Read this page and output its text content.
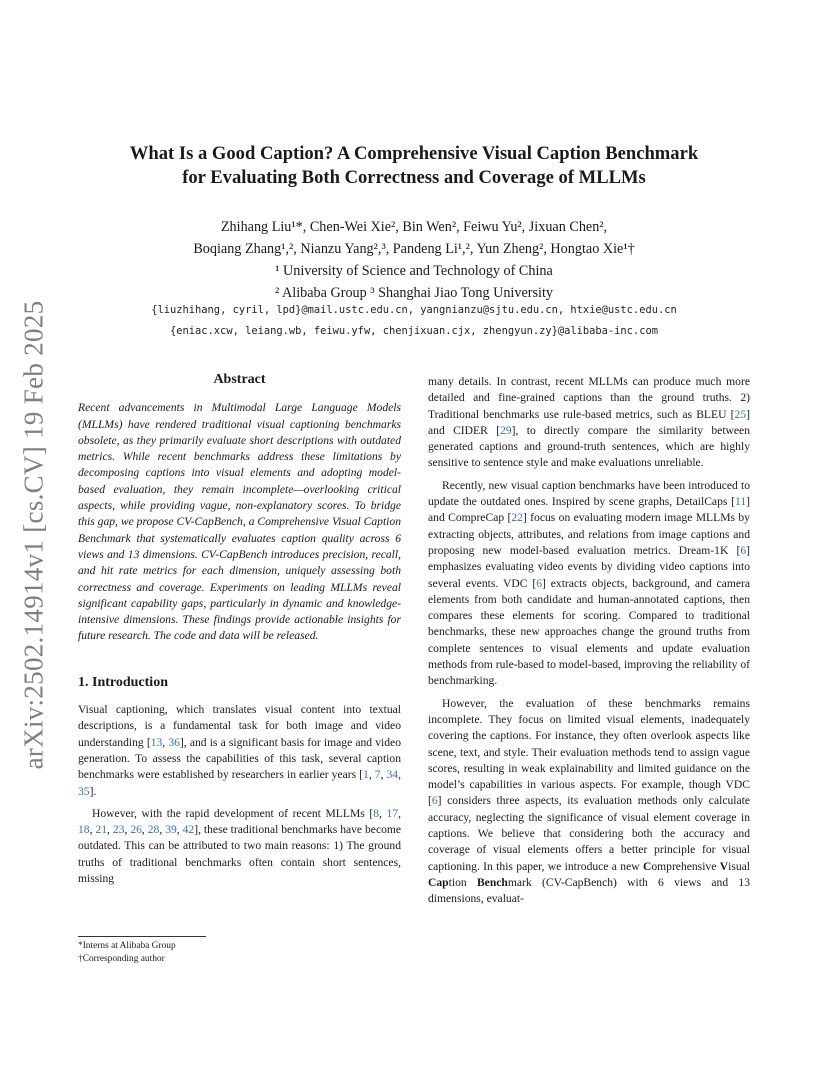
arXiv:2502.14914v1 [cs.CV] 19 Feb 2025
What Is a Good Caption? A Comprehensive Visual Caption Benchmark
for Evaluating Both Correctness and Coverage of MLLMs
Zhihang Liu¹*, Chen-Wei Xie², Bin Wen², Feiwu Yu², Jixuan Chen²,
Boqiang Zhang¹,², Nianzu Yang²,³, Pandeng Li¹,², Yun Zheng², Hongtao Xie¹†
¹ University of Science and Technology of China
² Alibaba Group ³ Shanghai Jiao Tong University
{liuzhihang, cyril, lpd}@mail.ustc.edu.cn, yangnianzu@sjtu.edu.cn, htxie@ustc.edu.cn
{eniac.xcw, leiang.wb, feiwu.yfw, chenjixuan.cjx, zhengyun.zy}@alibaba-inc.com
Abstract

Recent advancements in Multimodal Large Language Models (MLLMs) have rendered traditional visual captioning benchmarks obsolete, as they primarily evaluate short descriptions with outdated metrics. While recent benchmarks address these limitations by decomposing captions into visual elements and adopting model-based evaluation, they remain incomplete—overlooking critical aspects, while providing vague, non-explanatory scores. To bridge this gap, we propose CV-CapBench, a Comprehensive Visual Caption Benchmark that systematically evaluates caption quality across 6 views and 13 dimensions. CV-CapBench introduces precision, recall, and hit rate metrics for each dimension, uniquely assessing both correctness and coverage. Experiments on leading MLLMs reveal significant capability gaps, particularly in dynamic and knowledge-intensive dimensions. These findings provide actionable insights for future research. The code and data will be released.

1. Introduction

Visual captioning, which translates visual content into textual descriptions, is a fundamental task for both image and video understanding [13, 36], and is a significant basis for image and video generation. To assess the capabilities of this task, several caption benchmarks were established by researchers in earlier years [1, 7, 34, 35].

However, with the rapid development of recent MLLMs [8, 17, 18, 21, 23, 26, 28, 39, 42], these traditional benchmarks have become outdated. This can be attributed to two main reasons: 1) The ground truths of traditional benchmarks often contain short sentences, missing

*Interns at Alibaba Group
†Corresponding author

many details. In contrast, recent MLLMs can produce much more detailed and fine-grained captions than the ground truths. 2) Traditional benchmarks use rule-based metrics, such as BLEU [25] and CIDER [29], to directly compare the similarity between generated captions and ground-truth sentences, which are highly sensitive to sentence style and make evaluations unreliable.

Recently, new visual caption benchmarks have been introduced to update the outdated ones. Inspired by scene graphs, DetailCaps [11] and CompreCap [22] focus on evaluating modern image MLLMs by extracting objects, attributes, and relations from image captions and proposing new model-based evaluation metrics. Dream-1K [6] emphasizes evaluating video events by dividing video captions into several events. VDC [6] extracts objects, background, and camera elements from both candidate and human-annotated captions, then compares these elements for scoring. Compared to traditional benchmarks, these new approaches change the ground truths from complete sentences to visual elements and update evaluation methods from rule-based to model-based, improving the reliability of benchmarking.

However, the evaluation of these benchmarks remains incomplete. They focus on limited visual elements, inadequately covering the captions. For instance, they often overlook aspects like scene, text, and style. Their evaluation methods tend to assign vague scores, resulting in weak explainability and limited guidance on the model’s capabilities in various aspects. For example, though VDC [6] considers three aspects, its evaluation methods only calculate accuracy, neglecting the significance of visual element coverage in captions. We believe that considering both the accuracy and coverage of visual elements offers a better principle for visual captioning. In this paper, we introduce a new Comprehensive Visual Caption Benchmark (CV-CapBench) with 6 views and 13 dimensions, evaluat-
